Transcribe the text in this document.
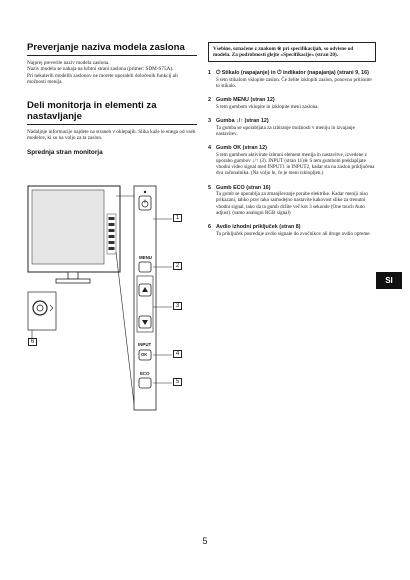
Preverjanje naziva modela zaslona
Najprej preverite naziv modela zaslona.
Naziv modela se nahaja na hrbtni strani zaslona (primer: SDM-S75A).
Pri nekaterih modelih zaslonov ne morete uporabiti določenih funkcij ali možnosti menija.
Deli monitorja in elementi za nastavljanje
Nadaljnje informacije najdete na straneh v oklepajih. Slika kaže le enega od vseh modelov, ki so na voljo za ta zaslon.
Sprednja stran monitorja
1
2
3
4
5
6
MENU
INPUT
OK
ECO
Vsebine, označene z znakom ※ pri specifikacijah, so odvisne od modela. Za podrobnosti glejte »Specifikacije« (stran 20).
1 ⏻ Stikalo (napajanje) in ⏻ indikator (napajanja) (strani 9, 16)
S tem stikalom vklopite zaslon. Če želite izklopiti zaslon, ponovno pritisnite to stikalo.
2 Gumb MENU (stran 12)
S tem gumbom vklopite in izklopite meni zaslona.
3 Gumba ↓/↑ (stran 12)
Ta gumba se uporabljata za izbiranje možnosti v meniju in izvajanje nastavitev.
4 Gumb OK (stran 12)
S tem gumbom aktivirate izbrani element menija in nastavitve, izvedene z uporabo gumbov ↓/↑ (3). INPUT (stran 11)※ S tem gumbom preklapljate vhodni video signal med INPUT1 in INPUT2, kadar sta na zaslon priključena dva računalnika. (Na voljo le, če je meni izklopljen.)
5 Gumb ECO (stran 16)
Ta gumb se uporablja za zmanjševanje porabe elektrike. Kadar meniji niso prikazani, lahko prav tako samodejno nastavite kakovost slike za trenutni vhodni signal, tako da ta gumb držite več kot 3 sekunde (One touch Auto adjust). (samo analogni RGB signal)
6 Avdio izhodni priključek (stran 8)
Ta priključek posreduje avdio signale do zvočnikov ali druge avdio opreme.
SI
5
